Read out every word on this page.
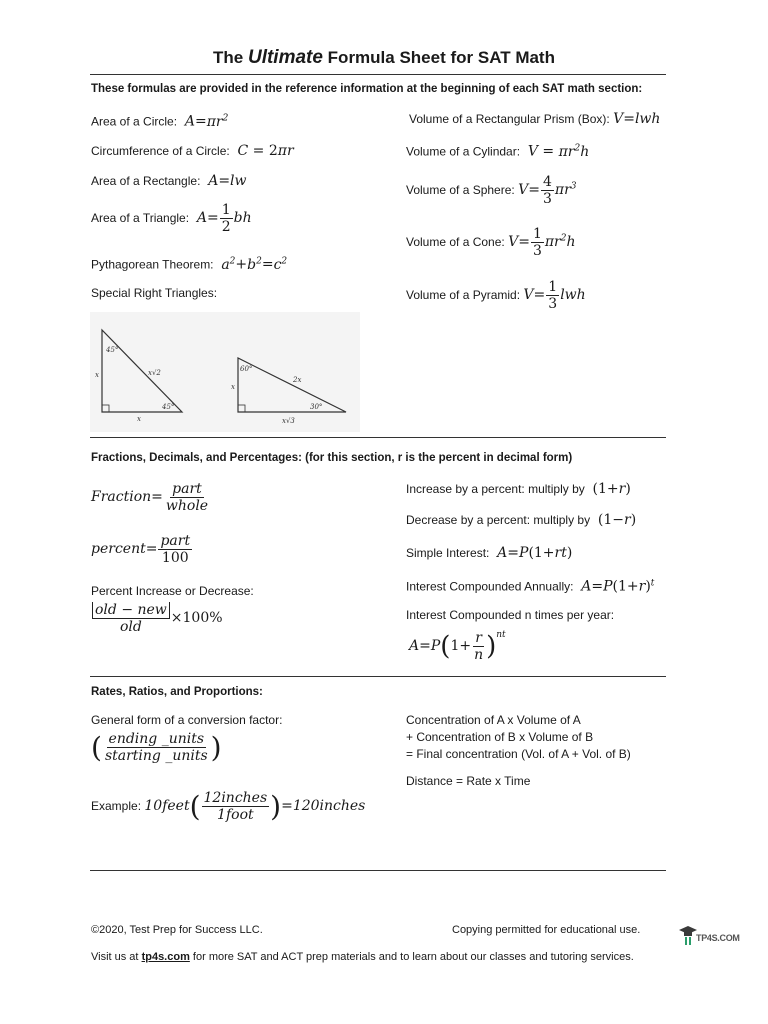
The Ultimate Formula Sheet for SAT Math
These formulas are provided in the reference information at the beginning of each SAT math section:
Area of a Circle:  $A=\pi r^2$
Circumference of a Circle:  C = 2πr
Area of a Rectangle:  A=lw
Area of a Triangle:  $A= \frac{1}{2}$ bh
Pythagorean Theorem:  $a^2+b^2=c^2$
Special Right Triangles:
45°
x	x√2
x
45°
60°
x
2x
x√3
30°
Volume of a Rectangular Prism (Box): V=lwh
Volume of a Cylindar:  $V = \pi r^2h$
Volume of a Sphere: $V= \frac{4}{3} \pi r^3$
Volume of a Cone: $V= \frac{1}{3} \pi r^2h$
Volume of a Pyramid: $V= \frac{1}{3}$ lwh
Fractions, Decimals, and Percentages: (for this section, r is the percent in decimal form)
Fraction= $\frac{\text{part}}{\text{whole}}$
percent= $\frac{\text{part}}{100}$
Percent Increase or Decrease:
$\frac{\text{old − new}}{\text{old}} \times 100\%$
Increase by a percent: multiply by  (1+r)
Decrease by a percent: multiply by  (1−r)
Simple Interest:  A=P(1+rt)
Interest Compounded Annually:  $A=P(1+r)^t$
Interest Compounded n times per year:
$A=P(1+ \frac{r}{n} )^{nt}$
Rates, Ratios, and Proportions:
General form of a conversion factor:
( $\frac{\text{ending \_units}}{\text{starting \_units}}$ )
Example: 10feet( $\frac{\text{12inches}}{\text{1foot}}$ )=120inches
Concentration of A x Volume of A
+ Concentration of B x Volume of B
= Final concentration (Vol. of A + Vol. of B)
Distance = Rate x Time
©2020, Test Prep for Success LLC.	Copying permitted for educational use.
Visit us at tp4s.com for more SAT and ACT prep materials and to learn about our classes and tutoring services.
TP4S.COM
